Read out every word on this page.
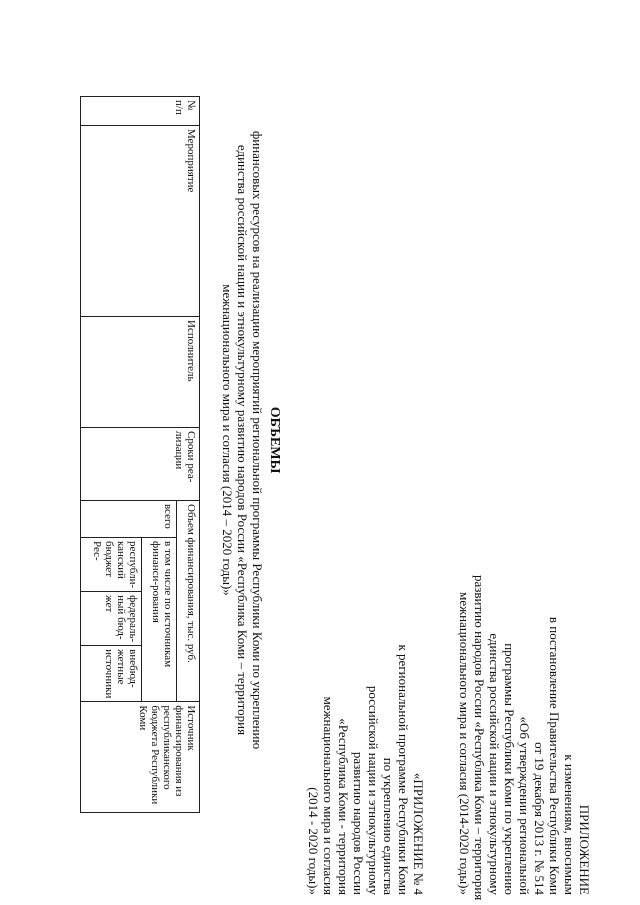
ПРИЛОЖЕНИЕ
к изменениям, вносимым
в постановление Правительства Республики Коми
от 19 декабря 2013 г. № 514
«Об утверждении региональной
программы Республики Коми по укреплению
единства российской нации и этнокультурному
развитию народов России «Республика Коми – территория
межнационального мира и согласия (2014-2020 годы)»
«ПРИЛОЖЕНИЕ № 4
к региональной программе Республики Коми
по укреплению единства
российской нации и этнокультурному
развитию народов России
«Республика Коми - территория
межнационального мира и согласия
(2014 - 2020 годы)»
ОБЪЕМЫ
финансовых ресурсов на реализацию мероприятий региональной программы Республики Коми по укреплению
единства российской нации и этнокультурному развитию народов России «Республика Коми – территория
межнационального мира и согласия (2014 – 2020 годы)»
№ п/п	Мероприятие	Исполнитель	Сроки реа-лизации	Объем финансирования, тыс. руб.				Источник финансирования из республиканского бюджета Республики Коми
				всего	в том числе по источникам финанси-рования			
					республи-канский бюджет Рес-	федераль-ный бюд-жет	внебюд-жетные источники	
